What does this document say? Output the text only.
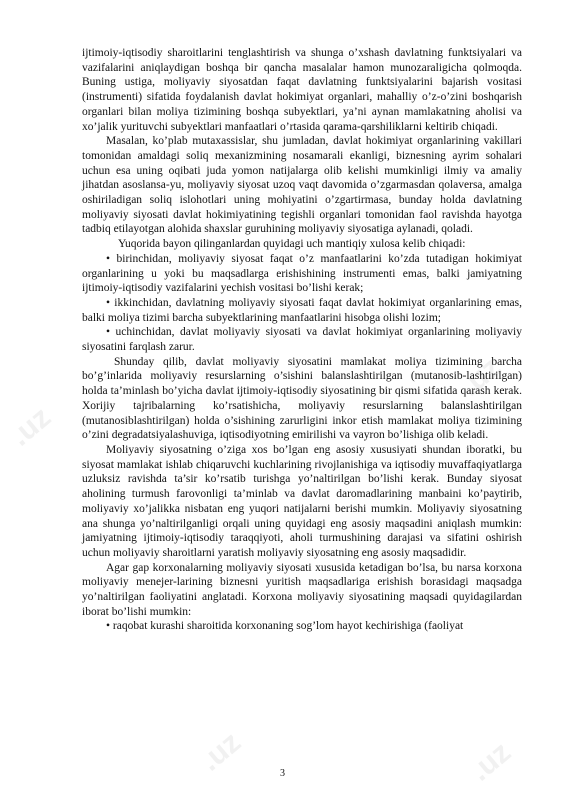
.uz
.uz	.uz
.uz

ijtimoiy-iqtisodiy sharoitlarini tenglashtirish va shunga o’xshash davlatning funktsiyalari va vazifalarini aniqlaydigan boshqa bir qancha masalalar hamon munozaraligicha qolmoqda. Buning ustiga, moliyaviy siyosatdan faqat davlatning funktsiyalarini bajarish vositasi (instrumenti) sifatida foydalanish davlat hokimiyat organlari, mahalliy o’z-o’zini boshqarish organlari bilan moliya tizimining boshqa subyektlari, ya’ni aynan mamlakatning aholisi va xo’jalik yurituvchi subyektlari manfaatlari o’rtasida qarama-qarshiliklarni keltirib chiqadi.

Masalan, ko’plab mutaxassislar, shu jumladan, davlat hokimiyat organlarining vakillari tomonidan amaldagi soliq mexanizmining nosamarali ekanligi, biznesning ayrim sohalari uchun esa uning oqibati juda yomon natijalarga olib kelishi mumkinligi ilmiy va amaliy jihatdan asoslansa-yu, moliyaviy siyosat uzoq vaqt davomida o’zgarmasdan qolaversa, amalga oshiriladigan soliq islohotlari uning mohiyatini o’zgartirmasa, bunday holda davlatning moliyaviy siyosati davlat hokimiyatining tegishli organlari tomonidan faol ravishda hayotga tadbiq etilayotgan alohida shaxslar guruhining moliyaviy siyosatiga aylanadi, qoladi.

Yuqorida bayon qilinganlardan quyidagi uch mantiqiy xulosa kelib chiqadi:

• birinchidan, moliyaviy siyosat faqat o’z manfaatlarini ko’zda tutadigan hokimiyat organlarining u yoki bu maqsadlarga erishishining instrumenti emas, balki jamiyatning ijtimoiy-iqtisodiy vazifalarini yechish vositasi bo’lishi kerak;

• ikkinchidan, davlatning moliyaviy siyosati faqat davlat hokimiyat organlarining emas, balki moliya tizimi barcha subyektlarining manfaatlarini hisobga olishi lozim;

• uchinchidan, davlat moliyaviy siyosati va davlat hokimiyat organlarining moliyaviy siyosatini farqlash zarur.

Shunday qilib, davlat moliyaviy siyosatini mamlakat moliya tizimining barcha bo’g’inlarida moliyaviy resurslarning o’sishini balanslashtirilgan (mutanosib-lashtirilgan) holda ta’minlash bo’yicha davlat ijtimoiy-iqtisodiy siyosatining bir qismi sifatida qarash kerak. Xorijiy tajribalarning ko’rsatishicha, moliyaviy resurslarning balanslashtirilgan (mutanosiblashtirilgan) holda o’sishining zarurligini inkor etish mamlakat moliya tizimining o’zini degradatsiyalashuviga, iqtisodiyotning emirilishi va vayron bo’lishiga olib keladi.

Moliyaviy siyosatning o’ziga xos bo’lgan eng asosiy xususiyati shundan iboratki, bu siyosat mamlakat ishlab chiqaruvchi kuchlarining rivojlanishiga va iqtisodiy muvaffaqiyatlarga uzluksiz ravishda ta’sir ko’rsatib turishga yo’naltirilgan bo’lishi kerak. Bunday siyosat aholining turmush farovonligi ta’minlab va davlat daromadlarining manbaini ko’paytirib, moliyaviy xo’jalikka nisbatan eng yuqori natijalarni berishi mumkin. Moliyaviy siyosatning ana shunga yo’naltirilganligi orqali uning quyidagi eng asosiy maqsadini aniqlash mumkin: jamiyatning ijtimoiy-iqtisodiy taraqqiyoti, aholi turmushining darajasi va sifatini oshirish uchun moliyaviy sharoitlarni yaratish moliyaviy siyosatning eng asosiy maqsadidir.

Agar gap korxonalarning moliyaviy siyosati xususida ketadigan bo’lsa, bu narsa korxona moliyaviy menejer-larining biznesni yuritish maqsadlariga erishish borasidagi maqsadga yo’naltirilgan faoliyatini anglatadi. Korxona moliyaviy siyosatining maqsadi quyidagilardan iborat bo’lishi mumkin:

• raqobat kurashi sharoitida korxonaning sog’lom hayot kechirishiga (faoliyat

3
